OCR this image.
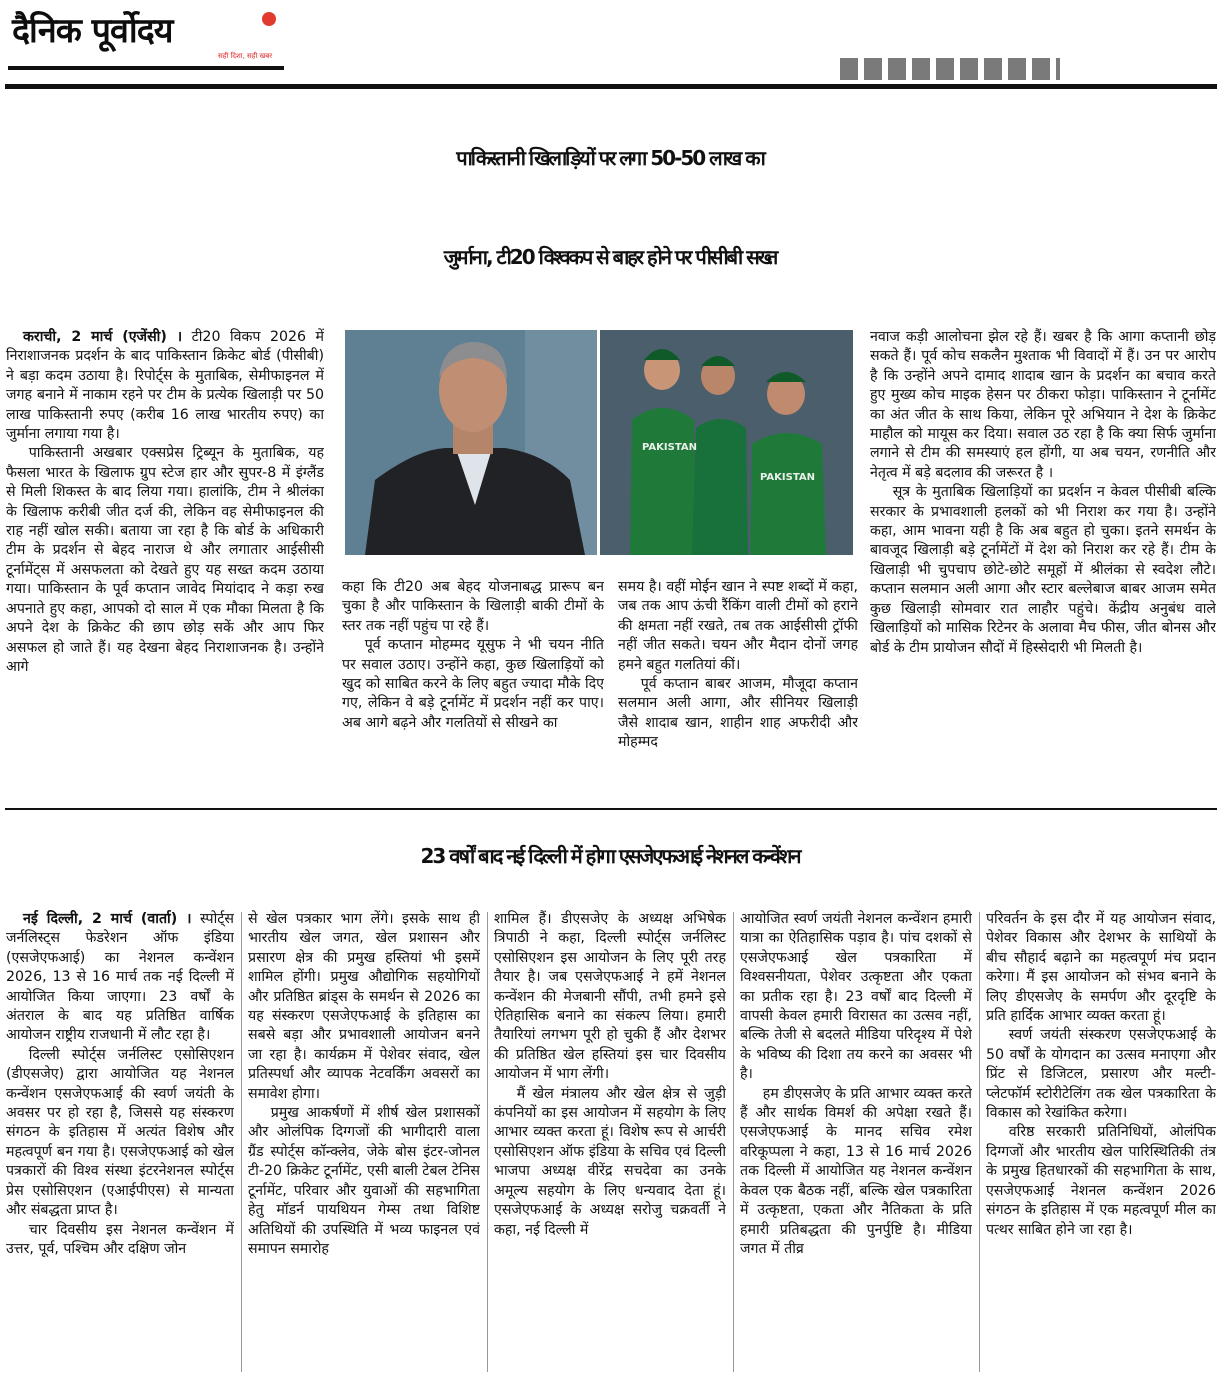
दैनिक पूर्वोदय
सही दिशा, सही खबर
पाकिस्तानी खिलाड़ियों पर लगा 50-50 लाख का
जुर्माना, टी20 विश्वकप से बाहर होने पर पीसीबी सख्त

कराची, 2 मार्च (एजेंसी) । टी20 विकप 2026 में निराशाजनक प्रदर्शन के बाद पाकिस्तान क्रिकेट बोर्ड (पीसीबी) ने बड़ा कदम उठाया है। रिपोर्ट्स के मुताबिक, सेमीफाइनल में जगह बनाने में नाकाम रहने पर टीम के प्रत्येक खिलाड़ी पर 50 लाख पाकिस्तानी रुपए (करीब 16 लाख भारतीय रुपए) का जुर्माना लगाया गया है।

पाकिस्तानी अखबार एक्सप्रेस ट्रिब्यून के मुताबिक, यह फैसला भारत के खिलाफ ग्रुप स्टेज हार और सुपर-8 में इंग्लैंड से मिली शिकस्त के बाद लिया गया। हालांकि, टीम ने श्रीलंका के खिलाफ करीबी जीत दर्ज की, लेकिन वह सेमीफाइनल की राह नहीं खोल सकी। बताया जा रहा है कि बोर्ड के अधिकारी टीम के प्रदर्शन से बेहद नाराज थे और लगातार आईसीसी टूर्नामेंट्स में असफलता को देखते हुए यह सख्त कदम उठाया गया। पाकिस्तान के पूर्व कप्तान जावेद मियांदाद ने कड़ा रुख अपनाते हुए कहा, आपको दो साल में एक मौका मिलता है कि अपने देश के क्रिकेट की छाप छोड़ सकें और आप फिर असफल हो जाते हैं। यह देखना बेहद निराशाजनक है। उन्होंने आगे

PAKISTAN
PAKISTAN

कहा कि टी20 अब बेहद योजनाबद्ध प्रारूप बन चुका है और पाकिस्तान के खिलाड़ी बाकी टीमों के स्तर तक नहीं पहुंच पा रहे हैं।

पूर्व कप्तान मोहम्मद यूसुफ ने भी चयन नीति पर सवाल उठाए। उन्होंने कहा, कुछ खिलाड़ियों को खुद को साबित करने के लिए बहुत ज्यादा मौके दिए गए, लेकिन वे बड़े टूर्नामेंट में प्रदर्शन नहीं कर पाए। अब आगे बढ़ने और गलतियों से सीखने का

समय है। वहीं मोईन खान ने स्पष्ट शब्दों में कहा, जब तक आप ऊंची रैंकिंग वाली टीमों को हराने की क्षमता नहीं रखते, तब तक आईसीसी ट्रॉफी नहीं जीत सकते। चयन और मैदान दोनों जगह हमने बहुत गलतियां कीं।

पूर्व कप्तान बाबर आजम, मौजूदा कप्तान सलमान अली आगा, और सीनियर खिलाड़ी जैसे शादाब खान, शाहीन शाह अफरीदी और मोहम्मद

नवाज कड़ी आलोचना झेल रहे हैं। खबर है कि आगा कप्तानी छोड़ सकते हैं। पूर्व कोच सकलैन मुश्ताक भी विवादों में हैं। उन पर आरोप है कि उन्होंने अपने दामाद शादाब खान के प्रदर्शन का बचाव करते हुए मुख्य कोच माइक हेसन पर ठीकरा फोड़ा। पाकिस्तान ने टूर्नामेंट का अंत जीत के साथ किया, लेकिन पूरे अभियान ने देश के क्रिकेट माहौल को मायूस कर दिया। सवाल उठ रहा है कि क्या सिर्फ जुर्माना लगाने से टीम की समस्याएं हल होंगी, या अब चयन, रणनीति और नेतृत्व में बड़े बदलाव की जरूरत है ।

सूत्र के मुताबिक खिलाड़ियों का प्रदर्शन न केवल पीसीबी बल्कि सरकार के प्रभावशाली हलकों को भी निराश कर गया है। उन्होंने कहा, आम भावना यही है कि अब बहुत हो चुका। इतने समर्थन के बावजूद खिलाड़ी बड़े टूर्नामेंटों में देश को निराश कर रहे हैं। टीम के खिलाड़ी भी चुपचाप छोटे-छोटे समूहों में श्रीलंका से स्वदेश लौटे। कप्तान सलमान अली आगा और स्टार बल्लेबाज बाबर आजम समेत कुछ खिलाड़ी सोमवार रात लाहौर पहुंचे। केंद्रीय अनुबंध वाले खिलाड़ियों को मासिक रिटेनर के अलावा मैच फीस, जीत बोनस और बोर्ड के टीम प्रायोजन सौदों में हिस्सेदारी भी मिलती है।

23 वर्षों बाद नई दिल्ली में होगा एसजेएफआई नेशनल कन्वेंशन

नई दिल्ली, 2 मार्च (वार्ता) । स्पोर्ट्स जर्नलिस्ट्स फेडरेशन ऑफ इंडिया (एसजेएफआई) का नेशनल कन्वेंशन 2026, 13 से 16 मार्च तक नई दिल्ली में आयोजित किया जाएगा। 23 वर्षों के अंतराल के बाद यह प्रतिष्ठित वार्षिक आयोजन राष्ट्रीय राजधानी में लौट रहा है।

दिल्ली स्पोर्ट्स जर्नलिस्ट एसोसिएशन (डीएसजेए) द्वारा आयोजित यह नेशनल कन्वेंशन एसजेएफआई की स्वर्ण जयंती के अवसर पर हो रहा है, जिससे यह संस्करण संगठन के इतिहास में अत्यंत विशेष और महत्वपूर्ण बन गया है। एसजेएफआई को खेल पत्रकारों की विश्व संस्था इंटरनेशनल स्पोर्ट्स प्रेस एसोसिएशन (एआईपीएस) से मान्यता और संबद्धता प्राप्त है।

चार दिवसीय इस नेशनल कन्वेंशन में उत्तर, पूर्व, पश्चिम और दक्षिण जोन

से खेल पत्रकार भाग लेंगे। इसके साथ ही भारतीय खेल जगत, खेल प्रशासन और प्रसारण क्षेत्र की प्रमुख हस्तियां भी इसमें शामिल होंगी। प्रमुख औद्योगिक सहयोगियों और प्रतिष्ठित ब्रांड्स के समर्थन से 2026 का यह संस्करण एसजेएफआई के इतिहास का सबसे बड़ा और प्रभावशाली आयोजन बनने जा रहा है। कार्यक्रम में पेशेवर संवाद, खेल प्रतिस्पर्धा और व्यापक नेटवर्किंग अवसरों का समावेश होगा।

प्रमुख आकर्षणों में शीर्ष खेल प्रशासकों और ओलंपिक दिग्गजों की भागीदारी वाला ग्रैंड स्पोर्ट्स कॉन्क्लेव, जेके बोस इंटर-जोनल टी-20 क्रिकेट टूर्नामेंट, एसी बाली टेबल टेनिस टूर्नामेंट, परिवार और युवाओं की सहभागिता हेतु मॉडर्न पायथियन गेम्स तथा विशिष्ट अतिथियों की उपस्थिति में भव्य फाइनल एवं समापन समारोह

शामिल हैं। डीएसजेए के अध्यक्ष अभिषेक त्रिपाठी ने कहा, दिल्ली स्पोर्ट्स जर्नलिस्ट एसोसिएशन इस आयोजन के लिए पूरी तरह तैयार है। जब एसजेएफआई ने हमें नेशनल कन्वेंशन की मेजबानी सौंपी, तभी हमने इसे ऐतिहासिक बनाने का संकल्प लिया। हमारी तैयारियां लगभग पूरी हो चुकी हैं और देशभर की प्रतिष्ठित खेल हस्तियां इस चार दिवसीय आयोजन में भाग लेंगी।

मैं खेल मंत्रालय और खेल क्षेत्र से जुड़ी कंपनियों का इस आयोजन में सहयोग के लिए आभार व्यक्त करता हूं। विशेष रूप से आर्चरी एसोसिएशन ऑफ इंडिया के सचिव एवं दिल्ली भाजपा अध्यक्ष वीरेंद्र सचदेवा का उनके अमूल्य सहयोग के लिए धन्यवाद देता हूं। एसजेएफआई के अध्यक्ष सरोजु चक्रवर्ती ने कहा, नई दिल्ली में

आयोजित स्वर्ण जयंती नेशनल कन्वेंशन हमारी यात्रा का ऐतिहासिक पड़ाव है। पांच दशकों से एसजेएफआई खेल पत्रकारिता में विश्वसनीयता, पेशेवर उत्कृष्टता और एकता का प्रतीक रहा है। 23 वर्षों बाद दिल्ली में वापसी केवल हमारी विरासत का उत्सव नहीं, बल्कि तेजी से बदलते मीडिया परिदृश्य में पेशे के भविष्य की दिशा तय करने का अवसर भी है।

हम डीएसजेए के प्रति आभार व्यक्त करते हैं और सार्थक विमर्श की अपेक्षा रखते हैं। एसजेएफआई के मानद सचिव रमेश वरिकूप्पला ने कहा, 13 से 16 मार्च 2026 तक दिल्ली में आयोजित यह नेशनल कन्वेंशन केवल एक बैठक नहीं, बल्कि खेल पत्रकारिता में उत्कृष्टता, एकता और नैतिकता के प्रति हमारी प्रतिबद्धता की पुनर्पुष्टि है। मीडिया जगत में तीव्र

परिवर्तन के इस दौर में यह आयोजन संवाद, पेशेवर विकास और देशभर के साथियों के बीच सौहार्द बढ़ाने का महत्वपूर्ण मंच प्रदान करेगा। मैं इस आयोजन को संभव बनाने के लिए डीएसजेए के समर्पण और दूरदृष्टि के प्रति हार्दिक आभार व्यक्त करता हूं।

स्वर्ण जयंती संस्करण एसजेएफआई के 50 वर्षों के योगदान का उत्सव मनाएगा और प्रिंट से डिजिटल, प्रसारण और मल्टी-प्लेटफॉर्म स्टोरीटेलिंग तक खेल पत्रकारिता के विकास को रेखांकित करेगा।

वरिष्ठ सरकारी प्रतिनिधियों, ओलंपिक दिग्गजों और भारतीय खेल पारिस्थितिकी तंत्र के प्रमुख हितधारकों की सहभागिता के साथ, एसजेएफआई नेशनल कन्वेंशन 2026 संगठन के इतिहास में एक महत्वपूर्ण मील का पत्थर साबित होने जा रहा है।
